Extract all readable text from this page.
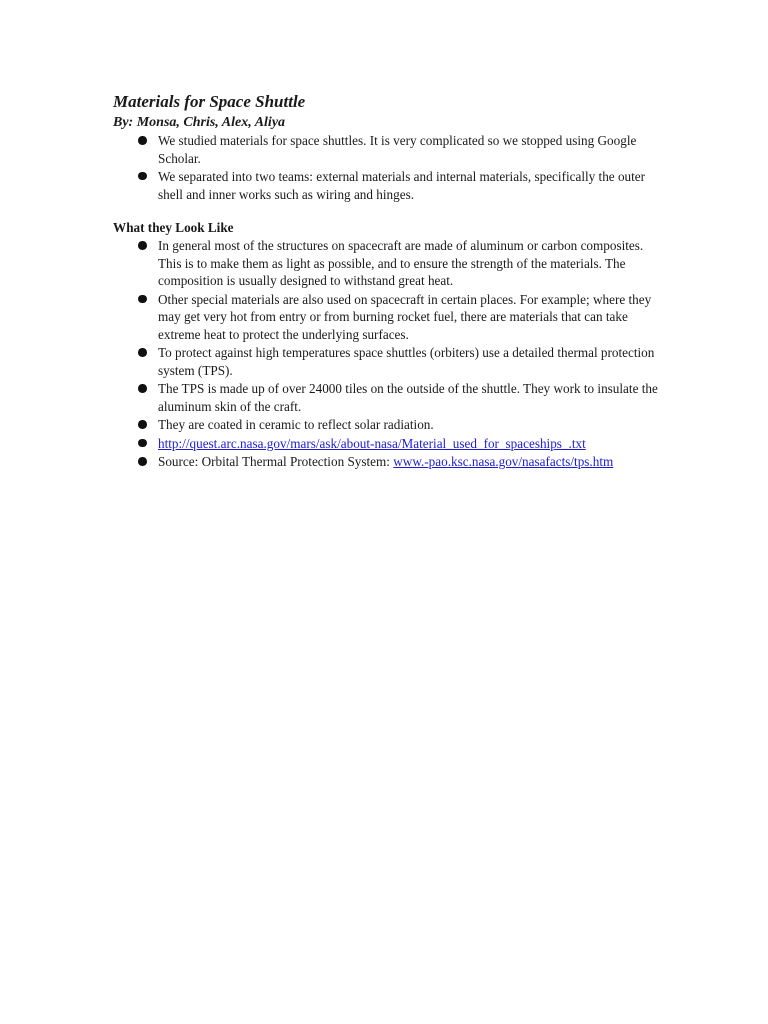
Materials for Space Shuttle
By: Monsa, Chris, Alex, Aliya
We studied materials for space shuttles. It is very complicated so we stopped using Google Scholar.
We separated into two teams: external materials and internal materials, specifically the outer shell and inner works such as wiring and hinges.
What they Look Like
In general most of the structures on spacecraft are made of aluminum or carbon composites. This is to make them as light as possible, and to ensure the strength of the materials. The composition is usually designed to withstand great heat.
Other special materials are also used on spacecraft in certain places. For example; where they may get very hot from entry or from burning rocket fuel, there are materials that can take extreme heat to protect the underlying surfaces.
To protect against high temperatures space shuttles (orbiters) use a detailed thermal protection system (TPS).
The TPS is made up of over 24000 tiles on the outside of the shuttle. They work to insulate the aluminum skin of the craft.
They are coated in ceramic to reflect solar radiation.
http://quest.arc.nasa.gov/mars/ask/about-nasa/Material_used_for_spaceships_.txt
Source: Orbital Thermal Protection System: www.-pao.ksc.nasa.gov/nasafacts/tps.htm
